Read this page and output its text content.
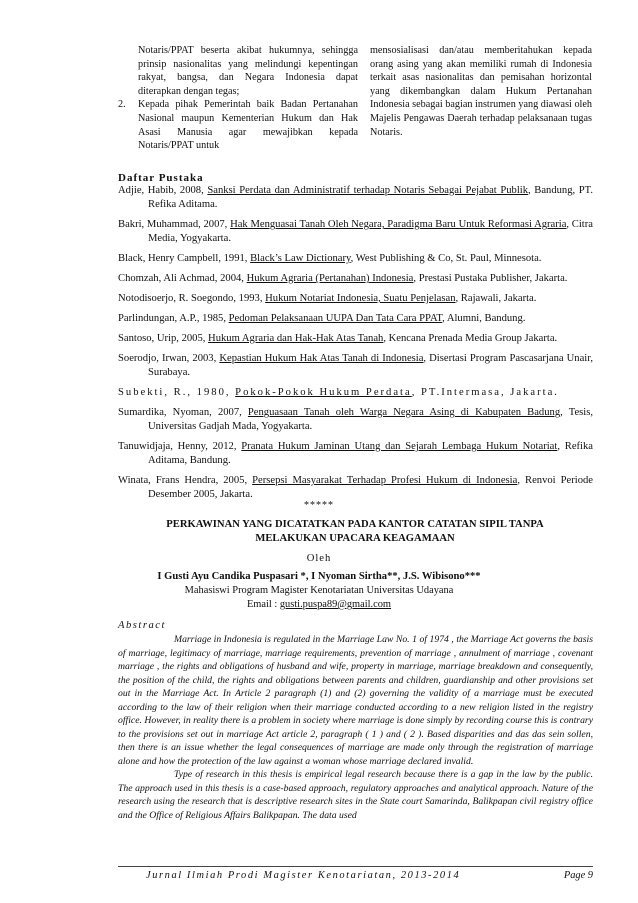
Notaris/PPAT beserta akibat hukumnya, sehingga prinsip nasionalitas yang melindungi kepentingan rakyat, bangsa, dan Negara Indonesia dapat diterapkan dengan tegas;

2.	Kepada pihak Pemerintah baik Badan Pertanahan Nasional maupun Kementerian Hukum dan Hak Asasi Manusia agar mewajibkan kepada Notaris/PPAT untuk

mensosialisasi dan/atau memberitahukan kepada orang asing yang akan memiliki rumah di Indonesia terkait asas nasionalitas dan pemisahan horizontal yang dikembangkan dalam Hukum Pertanahan Indonesia sebagai bagian instrumen yang diawasi oleh Majelis Pengawas Daerah terhadap pelaksanaan tugas Notaris.

Daftar Pustaka
Adjie, Habib, 2008, Sanksi Perdata dan Administratif terhadap Notaris Sebagai Pejabat Publik, Bandung, PT. Refika Aditama.
Bakri, Muhammad, 2007, Hak Menguasai Tanah Oleh Negara, Paradigma Baru Untuk Reformasi Agraria, Citra Media, Yogyakarta.
Black, Henry Campbell, 1991, Black’s Law Dictionary, West Publishing & Co, St. Paul, Minnesota.
Chomzah, Ali Achmad, 2004, Hukum Agraria (Pertanahan) Indonesia, Prestasi Pustaka Publisher, Jakarta.
Notodisoerjo, R. Soegondo, 1993, Hukum Notariat Indonesia, Suatu Penjelasan, Rajawali, Jakarta.
Parlindungan, A.P., 1985, Pedoman Pelaksanaan UUPA Dan Tata Cara PPAT, Alumni, Bandung.
Santoso, Urip, 2005, Hukum Agraria dan Hak-Hak Atas Tanah, Kencana Prenada Media Group Jakarta.
Soerodjo, Irwan, 2003, Kepastian Hukum Hak Atas Tanah di Indonesia, Disertasi Program Pascasarjana Unair, Surabaya.
Subekti, R., 1980, Pokok-Pokok Hukum Perdata, PT.Intermasa, Jakarta.
Sumardika, Nyoman, 2007, Penguasaan Tanah oleh Warga Negara Asing di Kabupaten Badung, Tesis, Universitas Gadjah Mada, Yogyakarta.
Tanuwidjaja, Henny, 2012, Pranata Hukum Jaminan Utang dan Sejarah Lembaga Hukum Notariat, Refika Aditama, Bandung.
Winata, Frans Hendra, 2005, Persepsi Masyarakat Terhadap Profesi Hukum di Indonesia, Renvoi Periode Desember 2005, Jakarta.
*****
PERKAWINAN YANG DICATATKAN PADA KANTOR CATATAN SIPIL TANPA MELAKUKAN UPACARA KEAGAMAAN
Oleh
I Gusti Ayu Candika Puspasari *, I Nyoman Sirtha**, J.S. Wibisono***
Mahasiswi Program Magister Kenotariatan Universitas Udayana
Email : gusti.puspa89@gmail.com
Abstract

Marriage in Indonesia is regulated in the Marriage Law No. 1 of 1974 , the Marriage Act governs the basis of marriage, legitimacy of marriage, marriage requirements, prevention of marriage , annulment of marriage , covenant marriage , the rights and obligations of husband and wife, property in marriage, marriage breakdown and consequently, the position of the child, the rights and obligations between parents and children, guardianship and other provisions set out in the Marriage Act. In Article 2 paragraph (1) and (2) governing the validity of a marriage must be executed according to the law of their religion when their marriage conducted according to a new religion listed in the registry office. However, in reality there is a problem in society where marriage is done simply by recording course this is contrary to the provisions set out in marriage Act article 2, paragraph ( 1 ) and ( 2 ). Based disparities and das das sein sollen, then there is an issue whether the legal consequences of marriage are made only through the registration of marriage alone and how the protection of the law against a woman whose marriage declared invalid.

Type of research in this thesis is empirical legal research because there is a gap in the law by the public. The approach used in this thesis is a case-based approach, regulatory approaches and analytical approach. Nature of the research using the research that is descriptive research sites in the State court Samarinda, Balikpapan civil registry office and the Office of Religious Affairs Balikpapan. The data used

Jurnal Ilmiah Prodi Magister Kenotariatan, 2013-2014	Page 9
